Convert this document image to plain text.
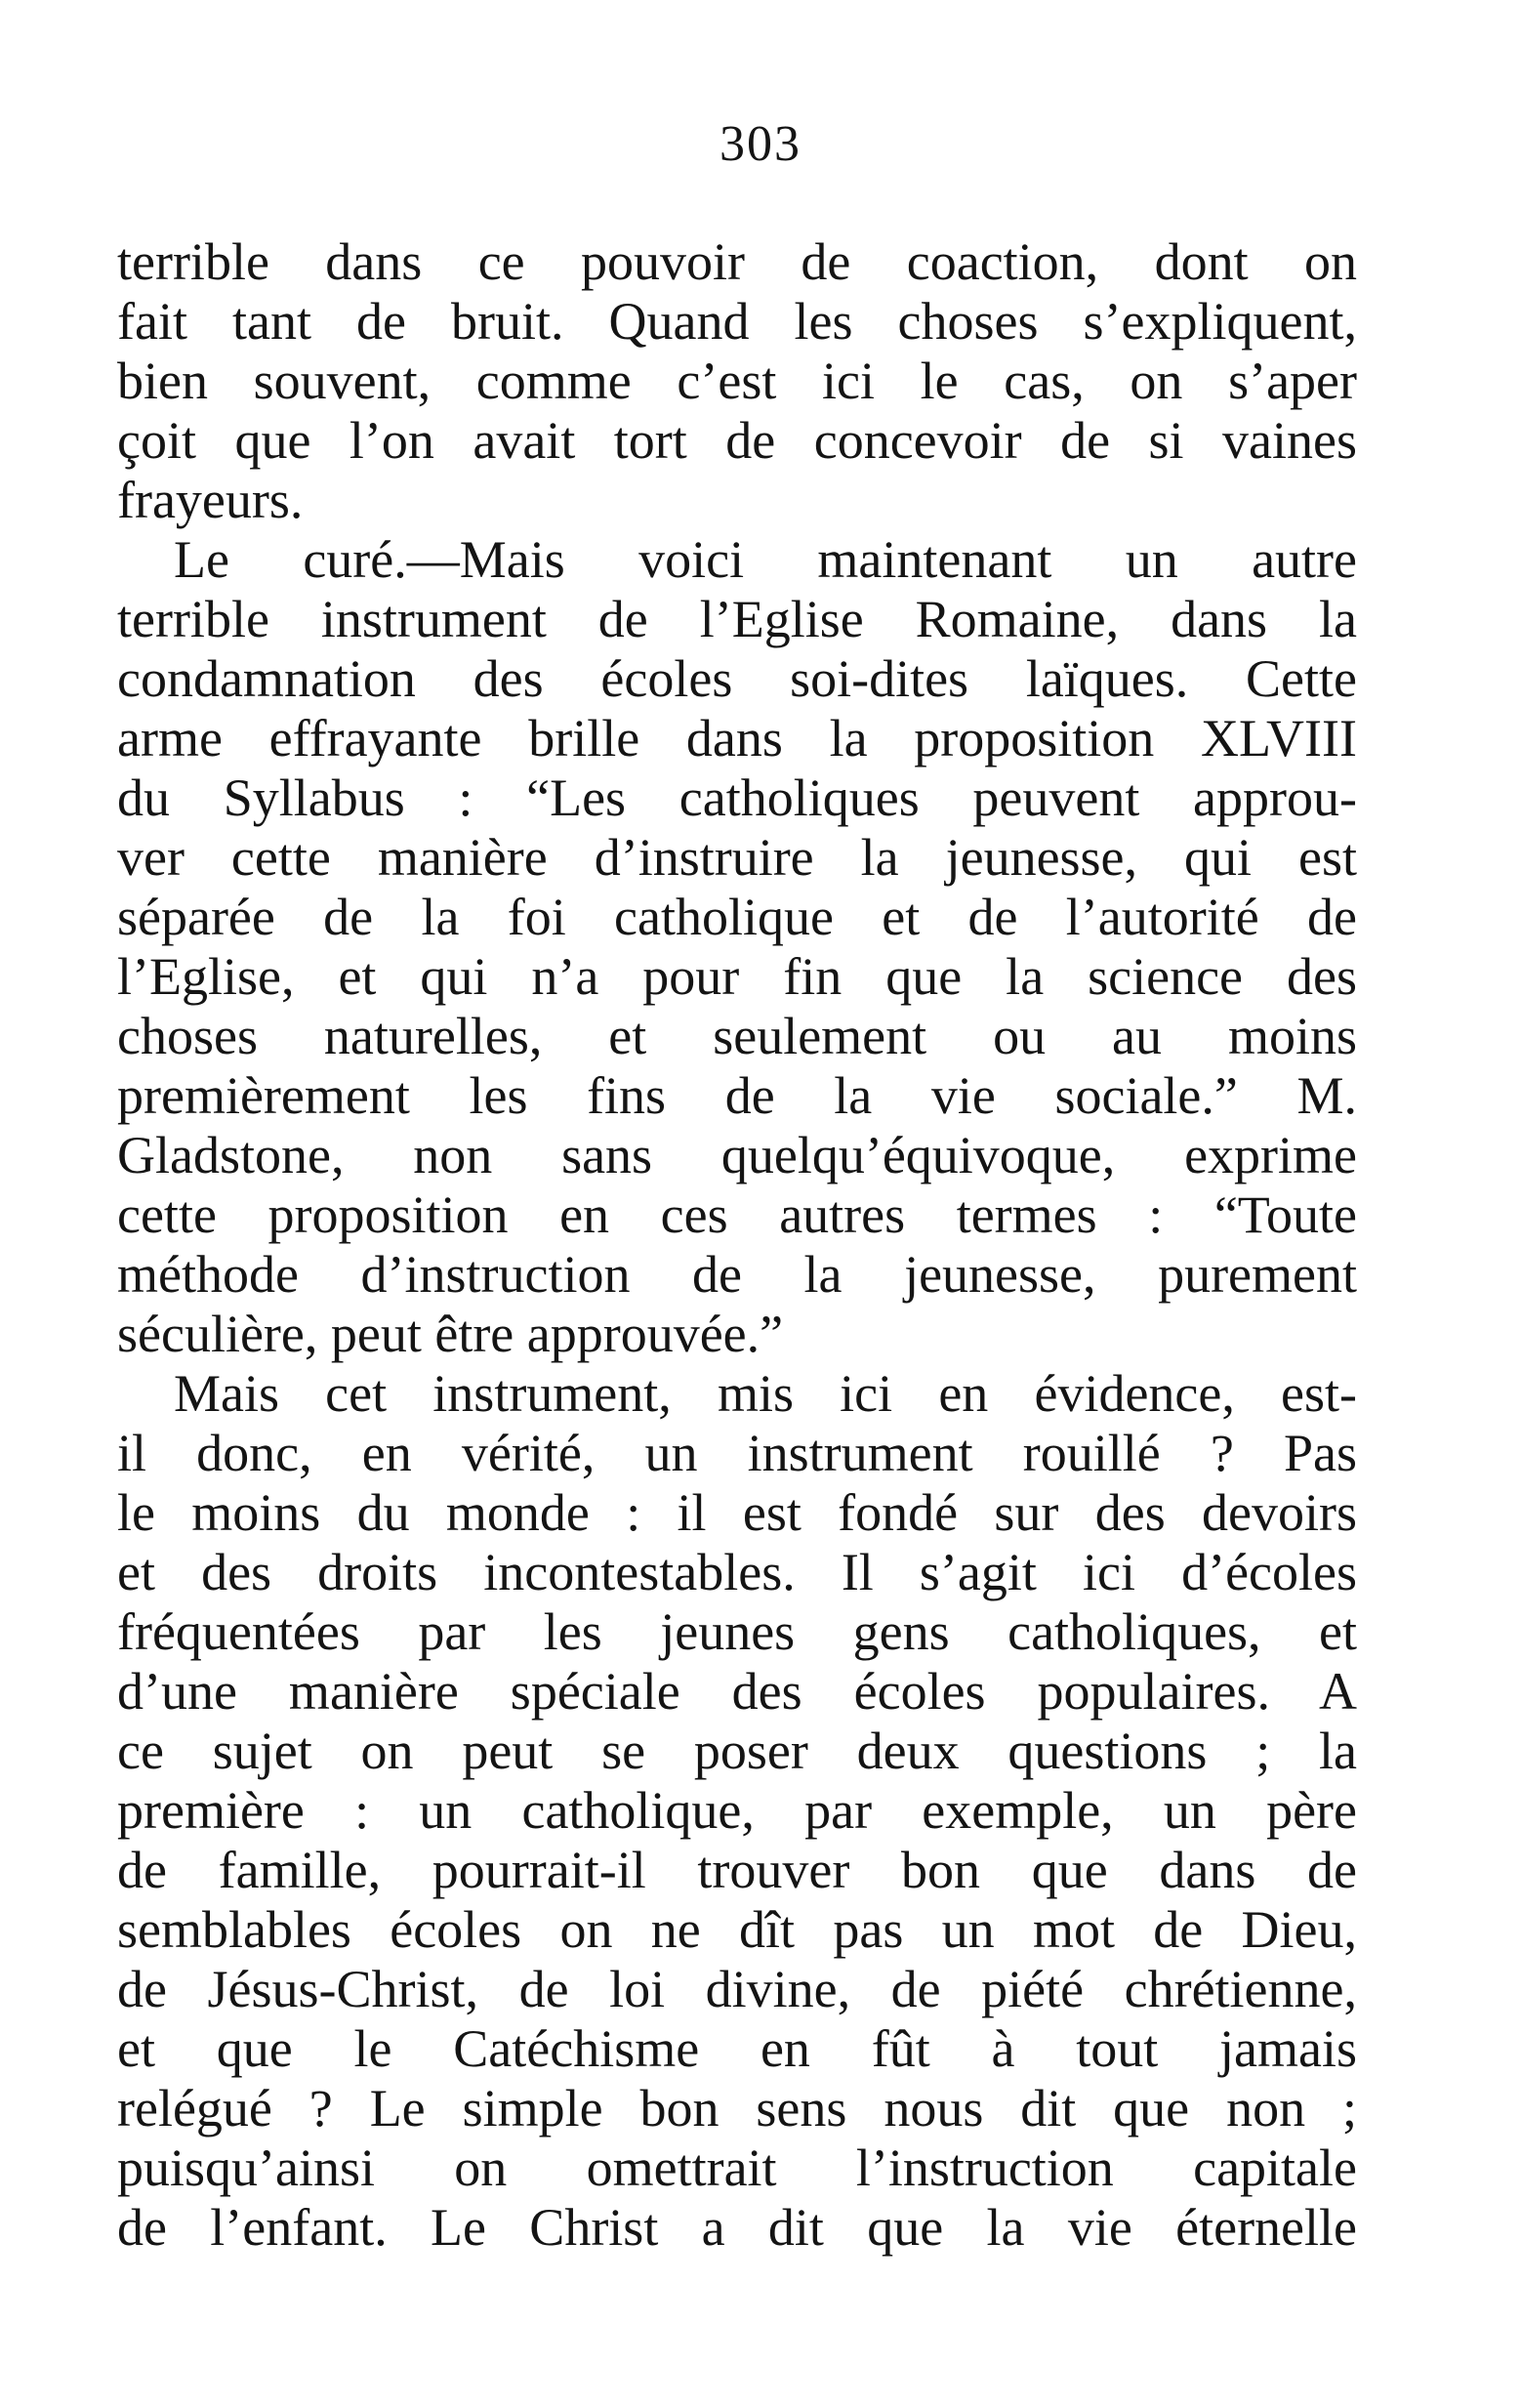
303
terrible dans ce pouvoir de coaction, dont on
fait tant de bruit. Quand les choses s’expliquent,
bien souvent, comme c’est ici le cas, on s’aper
çoit que l’on avait tort de concevoir de si vaines
frayeurs.
Le curé.—Mais voici maintenant un autre
terrible instrument de l’Eglise Romaine, dans la
condamnation des écoles soi-dites laïques. Cette
arme effrayante brille dans la proposition XLVIII
du Syllabus : “Les catholiques peuvent approu-
ver cette manière d’instruire la jeunesse, qui est
séparée de la foi catholique et de l’autorité de
l’Eglise, et qui n’a pour fin que la science des
choses naturelles, et seulement ou au moins
premièrement les fins de la vie sociale.” M.
Gladstone, non sans quelqu’équivoque, exprime
cette proposition en ces autres termes : “Toute
méthode d’instruction de la jeunesse, purement
séculière, peut être approuvée.”
Mais cet instrument, mis ici en évidence, est-
il donc, en vérité, un instrument rouillé ? Pas
le moins du monde : il est fondé sur des devoirs
et des droits incontestables. Il s’agit ici d’écoles
fréquentées par les jeunes gens catholiques, et
d’une manière spéciale des écoles populaires. A
ce sujet on peut se poser deux questions ; la
première : un catholique, par exemple, un père
de famille, pourrait-il trouver bon que dans de
semblables écoles on ne dît pas un mot de Dieu,
de Jésus-Christ, de loi divine, de piété chrétienne,
et que le Catéchisme en fût à tout jamais
relégué ? Le simple bon sens nous dit que non ;
puisqu’ainsi on omettrait l’instruction capitale
de l’enfant. Le Christ a dit que la vie éternelle
